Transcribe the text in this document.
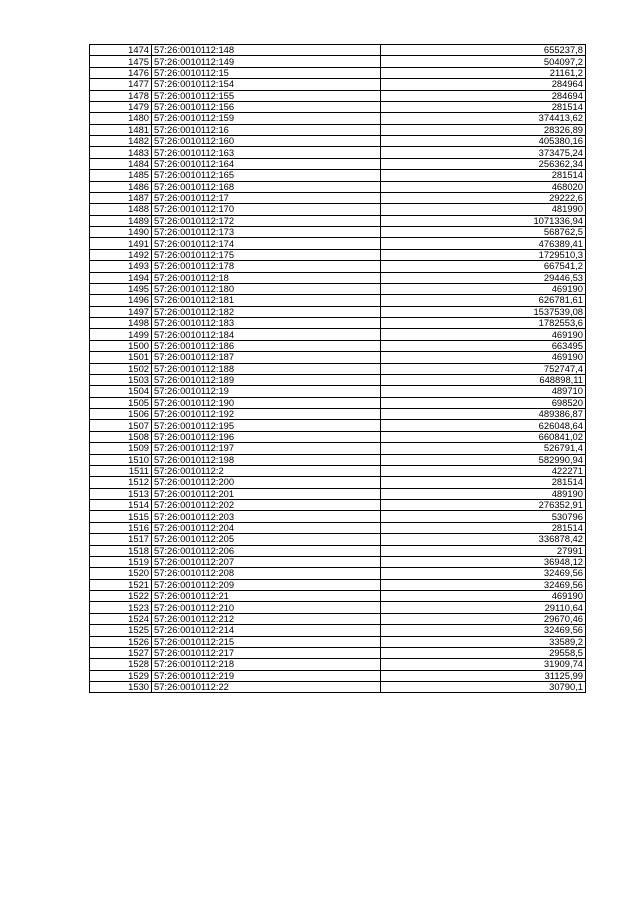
1474	57:26:0010112:148	655237,8
1475	57:26:0010112:149	504097,2
1476	57:26:0010112:15	21161,2
1477	57:26:0010112:154	284964
1478	57:26:0010112:155	284694
1479	57:26:0010112:156	281514
1480	57:26:0010112:159	374413,62
1481	57:26:0010112:16	28326,89
1482	57:26:0010112:160	405380,16
1483	57:26:0010112:163	373475,24
1484	57:26:0010112:164	256362,34
1485	57:26:0010112:165	281514
1486	57:26:0010112:168	468020
1487	57:26:0010112:17	29222,6
1488	57:26:0010112:170	481990
1489	57:26:0010112:172	1071336,94
1490	57:26:0010112:173	568762,5
1491	57:26:0010112:174	476389,41
1492	57:26:0010112:175	1729510,3
1493	57:26:0010112:178	667541,2
1494	57:26:0010112:18	29446,53
1495	57:26:0010112:180	469190
1496	57:26:0010112:181	626781,61
1497	57:26:0010112:182	1537539,08
1498	57:26:0010112:183	1782553,6
1499	57:26:0010112:184	469190
1500	57:26:0010112:186	663495
1501	57:26:0010112:187	469190
1502	57:26:0010112:188	752747,4
1503	57:26:0010112:189	648898,11
1504	57:26:0010112:19	489710
1505	57:26:0010112:190	698520
1506	57:26:0010112:192	489386,87
1507	57:26:0010112:195	626048,64
1508	57:26:0010112:196	660841,02
1509	57:26:0010112:197	526791,4
1510	57:26:0010112:198	582990,94
1511	57:26:0010112:2	422271
1512	57:26:0010112:200	281514
1513	57:26:0010112:201	489190
1514	57:26:0010112:202	276352,91
1515	57:26:0010112:203	530796
1516	57:26:0010112:204	281514
1517	57:26:0010112:205	336878,42
1518	57:26:0010112:206	27991
1519	57:26:0010112:207	36948,12
1520	57:26:0010112:208	32469,56
1521	57:26:0010112:209	32469,56
1522	57:26:0010112:21	469190
1523	57:26:0010112:210	29110,64
1524	57:26:0010112:212	29670,46
1525	57:26:0010112:214	32469,56
1526	57:26:0010112:215	33589,2
1527	57:26:0010112:217	29558,5
1528	57:26:0010112:218	31909,74
1529	57:26:0010112:219	31125,99
1530	57:26:0010112:22	30790,1
